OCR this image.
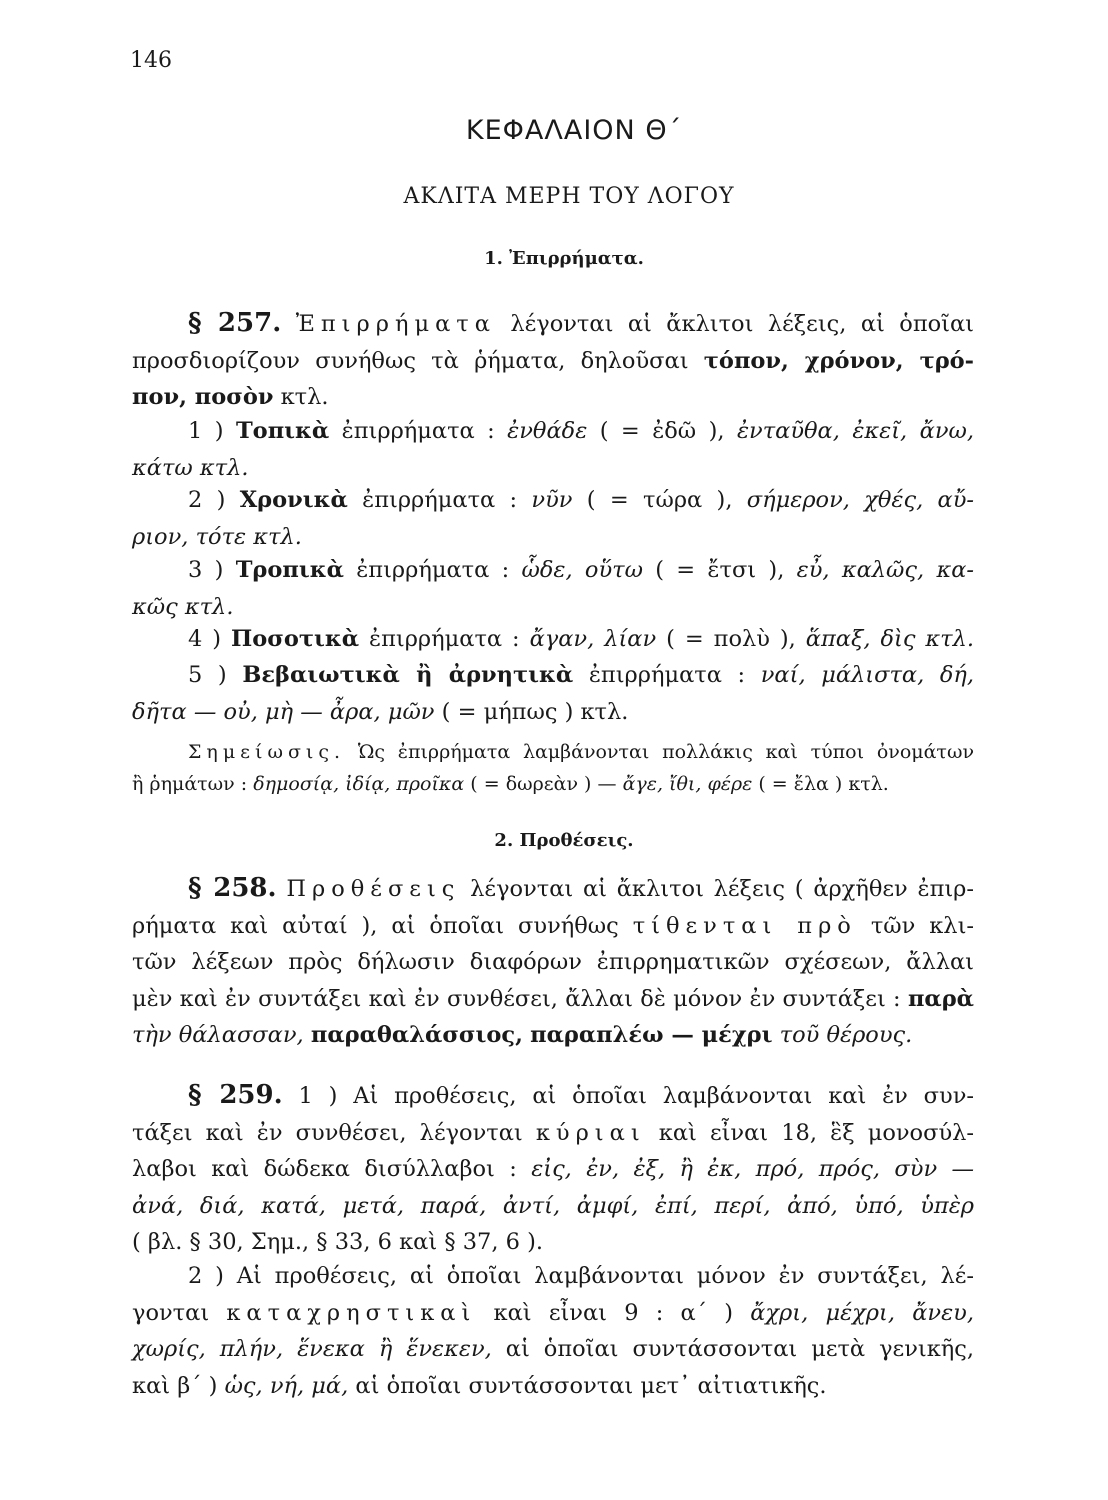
146
ΚΕΦΑΛΑΙΟΝ Θ΄
ΑΚΛΙΤΑ ΜΕΡΗ ΤΟΥ ΛΟΓΟΥ
1. Ἐπιρρήματα.
§ 257. Ἐπιρρήματα λέγονται αἱ ἄκλιτοι λέξεις, αἱ ὁποῖαι
προσδιορίζουν συνήθως τὰ ῥήματα, δηλοῦσαι τόπον, χρόνον, τρό-
πον, ποσὸν κτλ.
1 ) Τοπικὰ ἐπιρρήματα : ἐνθάδε ( = ἐδῶ ), ἐνταῦθα, ἐκεῖ, ἄνω,
κάτω κτλ.
2 ) Χρονικὰ ἐπιρρήματα : νῦν ( = τώρα ), σήμερον, χθές, αὔ-
ριον, τότε κτλ.
3 ) Τροπικὰ ἐπιρρήματα : ὧδε, οὕτω ( = ἔτσι ), εὖ, καλῶς, κα-
κῶς κτλ.
4 ) Ποσοτικὰ ἐπιρρήματα : ἄγαν, λίαν ( = πολὺ ), ἅπαξ, δὶς κτλ.
5 ) Βεβαιωτικὰ ἢ ἀρνητικὰ ἐπιρρήματα : ναί, μάλιστα, δή,
δῆτα — οὐ, μὴ — ἆρα, μῶν ( = μήπως ) κτλ.
Σημείωσις. Ὡς ἐπιρρήματα λαμβάνονται πολλάκις καὶ τύποι ὀνομάτων
ἢ ῥημάτων : δημοσίᾳ, ἰδίᾳ, προῖκα ( = δωρεὰν ) — ἄγε, ἴθι, φέρε ( = ἔλα ) κτλ.
2. Προθέσεις.
§ 258. Προθέσεις λέγονται αἱ ἄκλιτοι λέξεις ( ἀρχῆθεν ἐπιρ-
ρήματα καὶ αὐταί ), αἱ ὁποῖαι συνήθως τίθενται πρὸ τῶν κλι-
τῶν λέξεων πρὸς δήλωσιν διαφόρων ἐπιρρηματικῶν σχέσεων, ἄλλαι
μὲν καὶ ἐν συντάξει καὶ ἐν συνθέσει, ἄλλαι δὲ μόνον ἐν συντάξει : παρὰ
τὴν θάλασσαν, παραθαλάσσιος, παραπλέω — μέχρι τοῦ θέρους.
§ 259. 1 ) Αἱ προθέσεις, αἱ ὁποῖαι λαμβάνονται καὶ ἐν συν-
τάξει καὶ ἐν συνθέσει, λέγονται κύριαι καὶ εἶναι 18, ἓξ μονοσύλ-
λαβοι καὶ δώδεκα δισύλλαβοι : εἰς, ἐν, ἐξ, ἢ ἐκ, πρό, πρός, σὺν —
ἀνά, διά, κατά, μετά, παρά, ἀντί, ἀμφί, ἐπί, περί, ἀπό, ὑπό, ὑπὲρ
( βλ. § 30, Σημ., § 33, 6 καὶ § 37, 6 ).
2 ) Αἱ προθέσεις, αἱ ὁποῖαι λαμβάνονται μόνον ἐν συντάξει, λέ-
γονται καταχρηστικαὶ καὶ εἶναι 9 : α΄ ) ἄχρι, μέχρι, ἄνευ,
χωρίς, πλήν, ἕνεκα ἢ ἕνεκεν, αἱ ὁποῖαι συντάσσονται μετὰ γενικῆς,
καὶ β΄ ) ὡς, νή, μά, αἱ ὁποῖαι συντάσσονται μετ᾽ αἰτιατικῆς.
